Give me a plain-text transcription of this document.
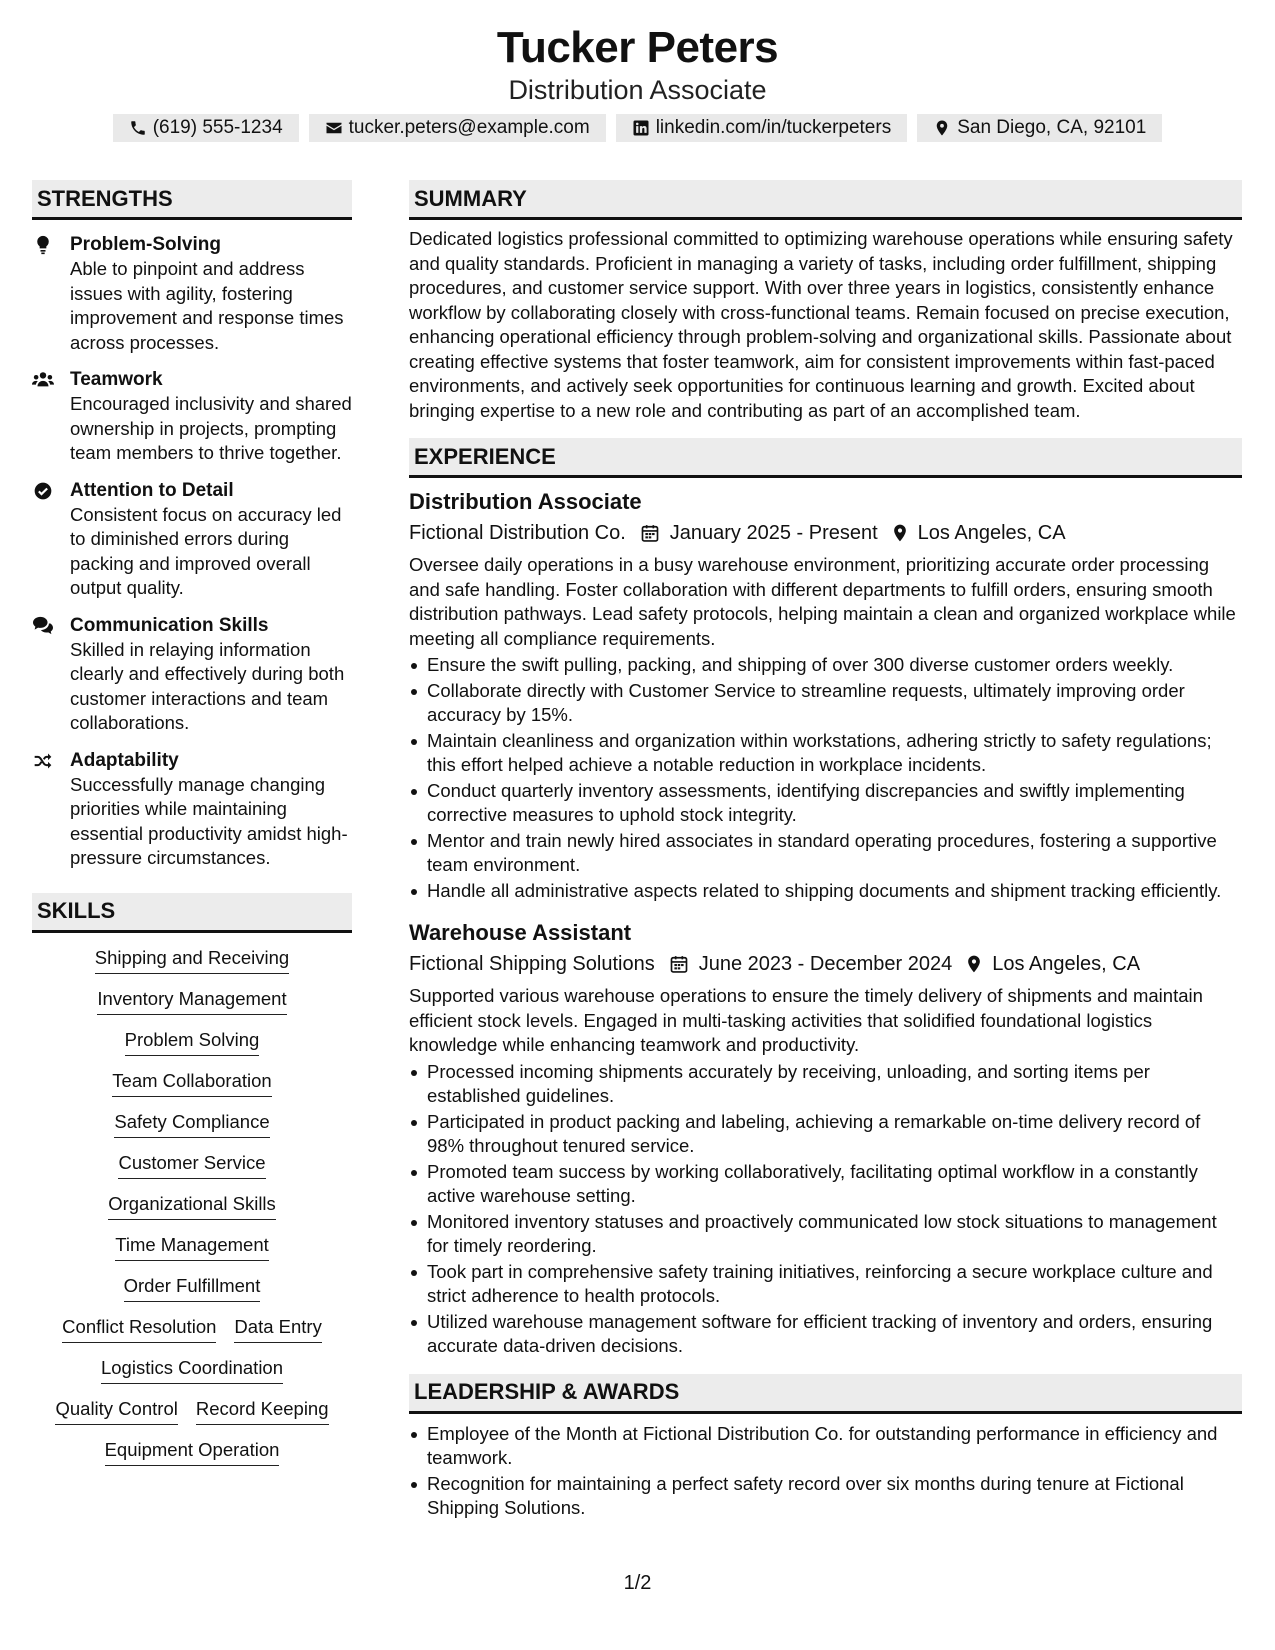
Tucker Peters
Distribution Associate
(619) 555-1234	tucker.peters@example.com	linkedin.com/in/tuckerpeters	San Diego, CA, 92101
STRENGTHS
Problem-Solving
Able to pinpoint and address issues with agility, fostering improvement and response times across processes.
Teamwork
Encouraged inclusivity and shared ownership in projects, prompting team members to thrive together.
Attention to Detail
Consistent focus on accuracy led to diminished errors during packing and improved overall output quality.
Communication Skills
Skilled in relaying information clearly and effectively during both customer interactions and team collaborations.
Adaptability
Successfully manage changing priorities while maintaining essential productivity amidst high-pressure circumstances.
SKILLS
Shipping and Receiving
Inventory Management
Problem Solving
Team Collaboration
Safety Compliance
Customer Service
Organizational Skills
Time Management
Order Fulfillment
Conflict Resolution Data Entry
Logistics Coordination
Quality Control Record Keeping
Equipment Operation
SUMMARY
Dedicated logistics professional committed to optimizing warehouse operations while ensuring safety and quality standards. Proficient in managing a variety of tasks, including order fulfillment, shipping procedures, and customer service support. With over three years in logistics, consistently enhance workflow by collaborating closely with cross-functional teams. Remain focused on precise execution, enhancing operational efficiency through problem-solving and organizational skills. Passionate about creating effective systems that foster teamwork, aim for consistent improvements within fast-paced environments, and actively seek opportunities for continuous learning and growth. Excited about bringing expertise to a new role and contributing as part of an accomplished team.
EXPERIENCE
Distribution Associate
Fictional Distribution Co. January 2025 - Present Los Angeles, CA
Oversee daily operations in a busy warehouse environment, prioritizing accurate order processing and safe handling. Foster collaboration with different departments to fulfill orders, ensuring smooth distribution pathways. Lead safety protocols, helping maintain a clean and organized workplace while meeting all compliance requirements.
Ensure the swift pulling, packing, and shipping of over 300 diverse customer orders weekly.
Collaborate directly with Customer Service to streamline requests, ultimately improving order accuracy by 15%.
Maintain cleanliness and organization within workstations, adhering strictly to safety regulations; this effort helped achieve a notable reduction in workplace incidents.
Conduct quarterly inventory assessments, identifying discrepancies and swiftly implementing corrective measures to uphold stock integrity.
Mentor and train newly hired associates in standard operating procedures, fostering a supportive team environment.
Handle all administrative aspects related to shipping documents and shipment tracking efficiently.
Warehouse Assistant
Fictional Shipping Solutions June 2023 - December 2024 Los Angeles, CA
Supported various warehouse operations to ensure the timely delivery of shipments and maintain efficient stock levels. Engaged in multi-tasking activities that solidified foundational logistics knowledge while enhancing teamwork and productivity.
Processed incoming shipments accurately by receiving, unloading, and sorting items per established guidelines.
Participated in product packing and labeling, achieving a remarkable on-time delivery record of 98% throughout tenured service.
Promoted team success by working collaboratively, facilitating optimal workflow in a constantly active warehouse setting.
Monitored inventory statuses and proactively communicated low stock situations to management for timely reordering.
Took part in comprehensive safety training initiatives, reinforcing a secure workplace culture and strict adherence to health protocols.
Utilized warehouse management software for efficient tracking of inventory and orders, ensuring accurate data-driven decisions.
LEADERSHIP & AWARDS
Employee of the Month at Fictional Distribution Co. for outstanding performance in efficiency and teamwork.
Recognition for maintaining a perfect safety record over six months during tenure at Fictional Shipping Solutions.
1/2
